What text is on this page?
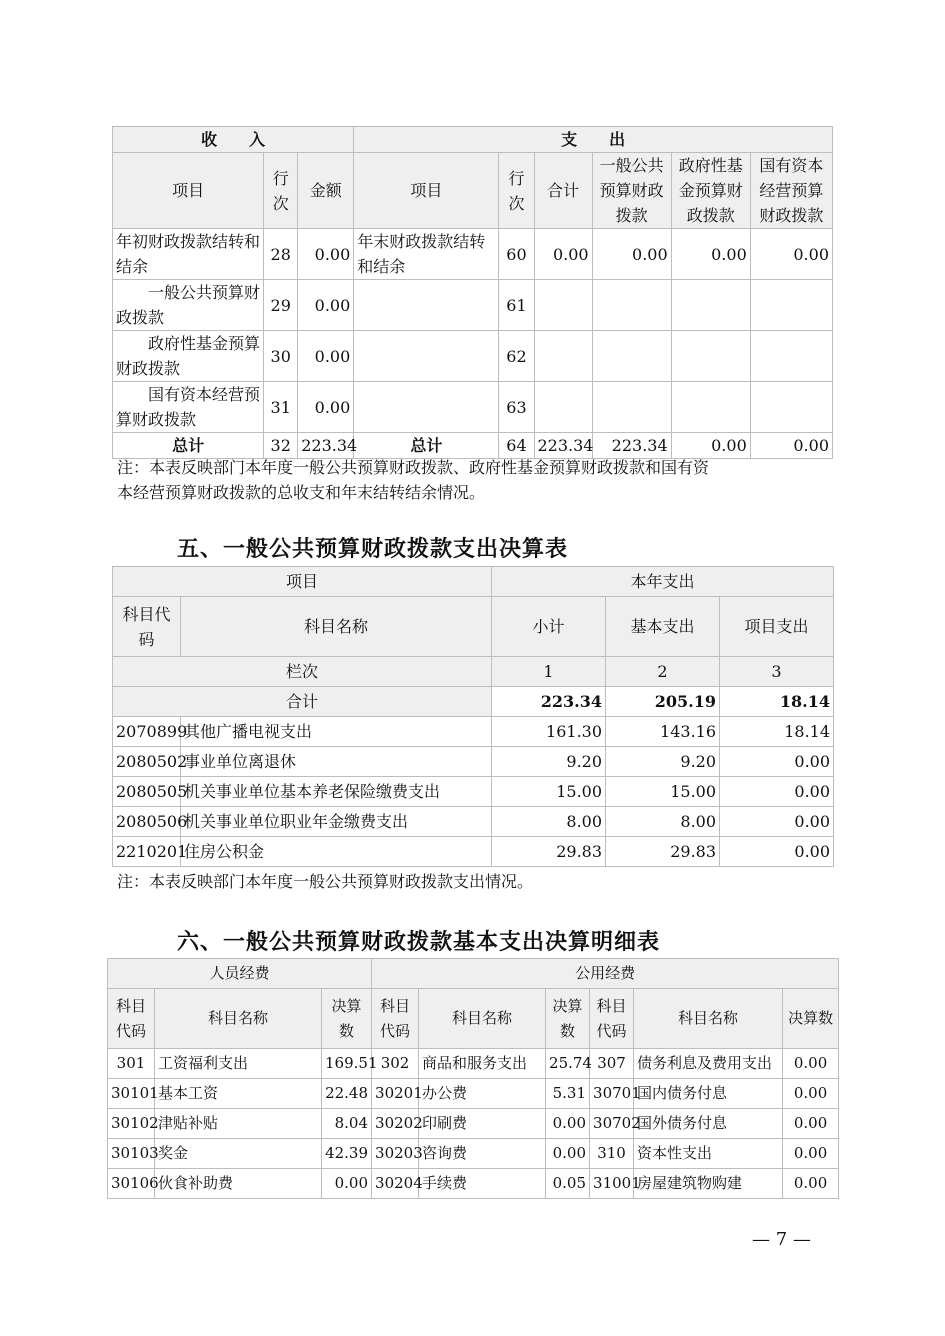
收　　入			支　　出					
项目	行次	金额	项目	行次	合计	一般公共预算财政拨款	政府性基金预算财政拨款	国有资本经营预算财政拨款
年初财政拨款结转和结余	28	0.00	年末财政拨款结转和结余	60	0.00	0.00	0.00	0.00
一般公共预算财政拨款	29	0.00		61				
政府性基金预算财政拨款	30	0.00		62				
国有资本经营预算财政拨款	31	0.00		63				
总计	32	223.34	总计	64	223.34	223.34	0.00	0.00
注：本表反映部门本年度一般公共预算财政拨款、政府性基金预算财政拨款和国有资
本经营预算财政拨款的总收支和年末结转结余情况。
五、一般公共预算财政拨款支出决算表
项目		本年支出		
科目代码	科目名称	小计	基本支出	项目支出
栏次		1	2	3
合计		223.34	205.19	18.14
2070899	其他广播电视支出	161.30	143.16	18.14
2080502	事业单位离退休	9.20	9.20	0.00
2080505	机关事业单位基本养老保险缴费支出	15.00	15.00	0.00
2080506	机关事业单位职业年金缴费支出	8.00	8.00	0.00
2210201	住房公积金	29.83	29.83	0.00
注：本表反映部门本年度一般公共预算财政拨款支出情况。
六、一般公共预算财政拨款基本支出决算明细表
人员经费			公用经费					
科目代码	科目名称	决算数	科目代码	科目名称	决算数	科目代码	科目名称	决算数
301	工资福利支出	169.51	302	商品和服务支出	25.74	307	债务利息及费用支出	0.00
30101	基本工资	22.48	30201	办公费	5.31	30701	国内债务付息	0.00
30102	津贴补贴	8.04	30202	印刷费	0.00	30702	国外债务付息	0.00
30103	奖金	42.39	30203	咨询费	0.00	310	资本性支出	0.00
30106	伙食补助费	0.00	30204	手续费	0.05	31001	房屋建筑物购建	0.00
— 7 —
